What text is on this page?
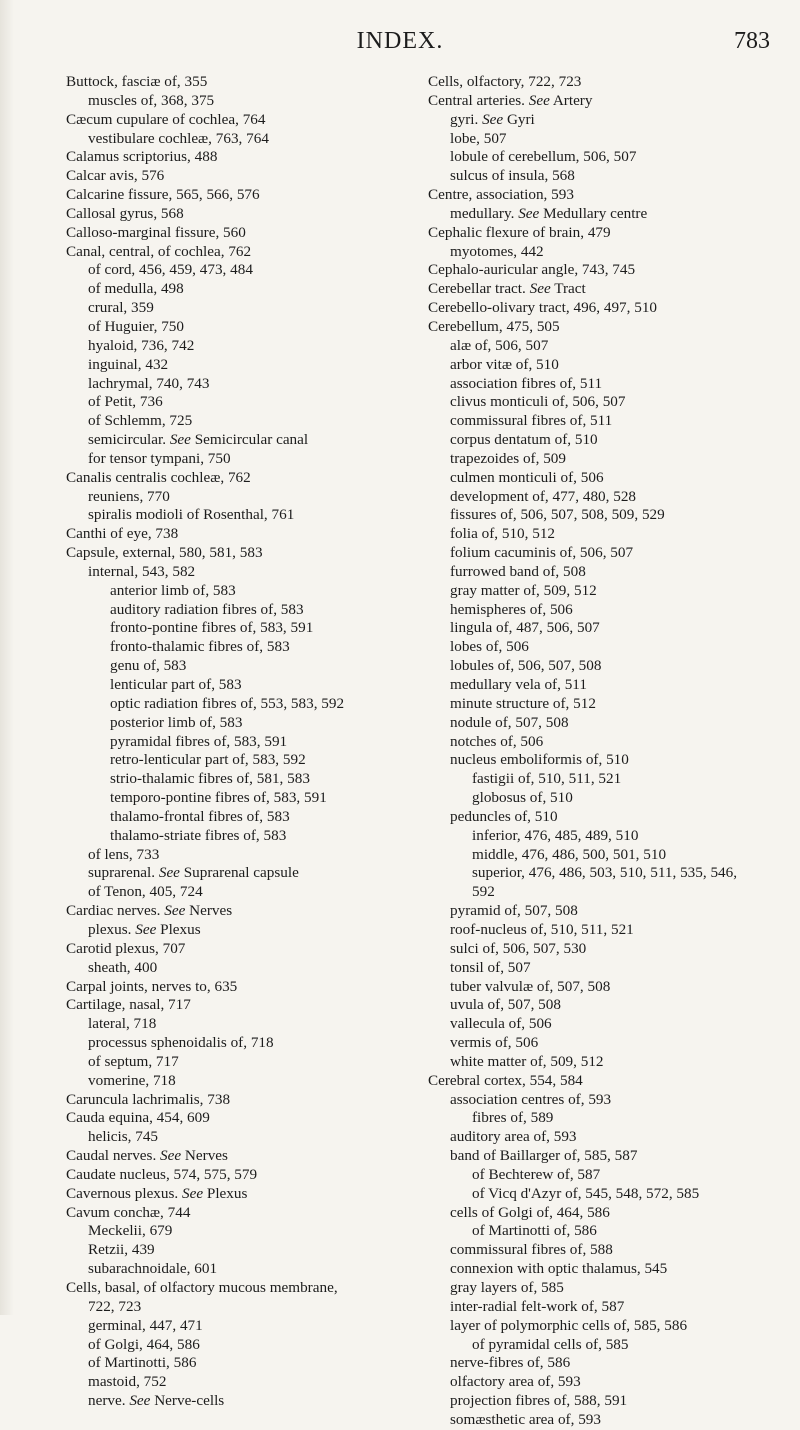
INDEX.	783
Buttock, fasciæ of, 355
muscles of, 368, 375
Cæcum cupulare of cochlea, 764
vestibulare cochleæ, 763, 764
Calamus scriptorius, 488
Calcar avis, 576
Calcarine fissure, 565, 566, 576
Callosal gyrus, 568
Calloso-marginal fissure, 560
Canal, central, of cochlea, 762
of cord, 456, 459, 473, 484
of medulla, 498
crural, 359
of Huguier, 750
hyaloid, 736, 742
inguinal, 432
lachrymal, 740, 743
of Petit, 736
of Schlemm, 725
semicircular. See Semicircular canal
for tensor tympani, 750
Canalis centralis cochleæ, 762
reuniens, 770
spiralis modioli of Rosenthal, 761
Canthi of eye, 738
Capsule, external, 580, 581, 583
internal, 543, 582
anterior limb of, 583
auditory radiation fibres of, 583
fronto-pontine fibres of, 583, 591
fronto-thalamic fibres of, 583
genu of, 583
lenticular part of, 583
optic radiation fibres of, 553, 583, 592
posterior limb of, 583
pyramidal fibres of, 583, 591
retro-lenticular part of, 583, 592
strio-thalamic fibres of, 581, 583
temporo-pontine fibres of, 583, 591
thalamo-frontal fibres of, 583
thalamo-striate fibres of, 583
of lens, 733
suprarenal. See Suprarenal capsule
of Tenon, 405, 724
Cardiac nerves. See Nerves
plexus. See Plexus
Carotid plexus, 707
sheath, 400
Carpal joints, nerves to, 635
Cartilage, nasal, 717
lateral, 718
processus sphenoidalis of, 718
of septum, 717
vomerine, 718
Caruncula lachrimalis, 738
Cauda equina, 454, 609
helicis, 745
Caudal nerves. See Nerves
Caudate nucleus, 574, 575, 579
Cavernous plexus. See Plexus
Cavum conchæ, 744
Meckelii, 679
Retzii, 439
subarachnoidale, 601
Cells, basal, of olfactory mucous membrane,
722, 723
germinal, 447, 471
of Golgi, 464, 586
of Martinotti, 586
mastoid, 752
nerve. See Nerve-cells
Cells, olfactory, 722, 723
Central arteries. See Artery
gyri. See Gyri
lobe, 507
lobule of cerebellum, 506, 507
sulcus of insula, 568
Centre, association, 593
medullary. See Medullary centre
Cephalic flexure of brain, 479
myotomes, 442
Cephalo-auricular angle, 743, 745
Cerebellar tract. See Tract
Cerebello-olivary tract, 496, 497, 510
Cerebellum, 475, 505
alæ of, 506, 507
arbor vitæ of, 510
association fibres of, 511
clivus monticuli of, 506, 507
commissural fibres of, 511
corpus dentatum of, 510
trapezoides of, 509
culmen monticuli of, 506
development of, 477, 480, 528
fissures of, 506, 507, 508, 509, 529
folia of, 510, 512
folium cacuminis of, 506, 507
furrowed band of, 508
gray matter of, 509, 512
hemispheres of, 506
lingula of, 487, 506, 507
lobes of, 506
lobules of, 506, 507, 508
medullary vela of, 511
minute structure of, 512
nodule of, 507, 508
notches of, 506
nucleus emboliformis of, 510
fastigii of, 510, 511, 521
globosus of, 510
peduncles of, 510
inferior, 476, 485, 489, 510
middle, 476, 486, 500, 501, 510
superior, 476, 486, 503, 510, 511, 535, 546,
592
pyramid of, 507, 508
roof-nucleus of, 510, 511, 521
sulci of, 506, 507, 530
tonsil of, 507
tuber valvulæ of, 507, 508
uvula of, 507, 508
vallecula of, 506
vermis of, 506
white matter of, 509, 512
Cerebral cortex, 554, 584
association centres of, 593
fibres of, 589
auditory area of, 593
band of Baillarger of, 585, 587
of Bechterew of, 587
of Vicq d'Azyr of, 545, 548, 572, 585
cells of Golgi of, 464, 586
of Martinotti of, 586
commissural fibres of, 588
connexion with optic thalamus, 545
gray layers of, 585
inter-radial felt-work of, 587
layer of polymorphic cells of, 585, 586
of pyramidal cells of, 585
nerve-fibres of, 586
olfactory area of, 593
projection fibres of, 588, 591
somæsthetic area of, 593
